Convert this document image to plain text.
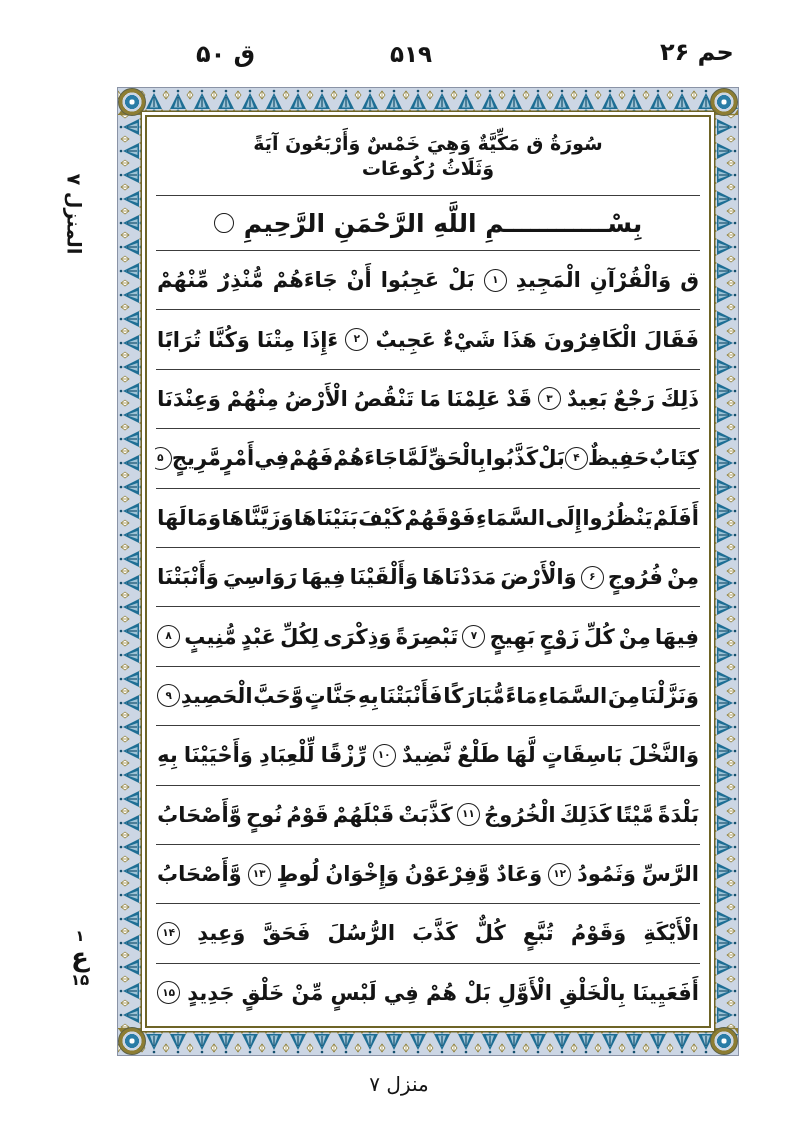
ق ۵۰	۵۱۹	حم ۲۶
سُورَةُ ق مَكِّيَّةٌ وَهِيَ خَمْسٌ وَأَرْبَعُونَ آيَةً وَثَلَاثُ رُكُوعَات
بِسْــــــــــــمِ اللَّهِ الرَّحْمَنِ الرَّحِيمِ
ق
وَالْقُرْآنِ
الْمَجِيدِ
۱
بَلْ
عَجِبُوا
أَنْ
جَاءَهُمْ
مُّنْذِرٌ
مِّنْهُمْ
فَقَالَ
الْكَافِرُونَ
هَذَا
شَيْءٌ
عَجِيبٌ
۲
ءَإِذَا
مِتْنَا
وَكُنَّا
تُرَابًا
ذَلِكَ
رَجْعٌ
بَعِيدٌ
۳
قَدْ
عَلِمْنَا
مَا
تَنْقُصُ
الْأَرْضُ
مِنْهُمْ
وَعِنْدَنَا
كِتَابٌ
حَفِيظٌ
۴
بَلْ
كَذَّبُوا
بِالْحَقِّ
لَمَّا
جَاءَهُمْ
فَهُمْ
فِي
أَمْرٍ
مَّرِيجٍ
۵
أَفَلَمْ
يَنْظُرُوا
إِلَى
السَّمَاءِ
فَوْقَهُمْ
كَيْفَ
بَنَيْنَاهَا
وَزَيَّنَّاهَا
وَمَا
لَهَا
مِنْ
فُرُوجٍ
۶
وَالْأَرْضَ
مَدَدْنَاهَا
وَأَلْقَيْنَا
فِيهَا
رَوَاسِيَ
وَأَنْبَتْنَا
فِيهَا
مِنْ
كُلِّ
زَوْجٍ
بَهِيجٍ
۷
تَبْصِرَةً
وَذِكْرَى
لِكُلِّ
عَبْدٍ
مُّنِيبٍ
۸
وَنَزَّلْنَا
مِنَ
السَّمَاءِ
مَاءً
مُّبَارَكًا
فَأَنْبَتْنَا
بِهِ
جَنَّاتٍ
وَّحَبَّ
الْحَصِيدِ
۹
وَالنَّخْلَ
بَاسِقَاتٍ
لَّهَا
طَلْعٌ
نَّضِيدٌ
۱۰
رِّزْقًا
لِّلْعِبَادِ
وَأَحْيَيْنَا
بِهِ
بَلْدَةً
مَّيْتًا
كَذَلِكَ
الْخُرُوجُ
۱۱
كَذَّبَتْ
قَبْلَهُمْ
قَوْمُ
نُوحٍ
وَّأَصْحَابُ
الرَّسِّ
وَثَمُودُ
۱۲
وَعَادٌ
وَّفِرْعَوْنُ
وَإِخْوَانُ
لُوطٍ
۱۳
وَّأَصْحَابُ
الْأَيْكَةِ
وَقَوْمُ
تُبَّعٍ
كُلٌّ
كَذَّبَ
الرُّسُلَ
فَحَقَّ
وَعِيدِ
۱۴
أَفَعَيِينَا
بِالْخَلْقِ
الْأَوَّلِ
بَلْ
هُمْ
فِي
لَبْسٍ
مِّنْ
خَلْقٍ
جَدِيدٍ
۱۵
المنزل ۷
۱
ع
۱۵
منزل ۷
